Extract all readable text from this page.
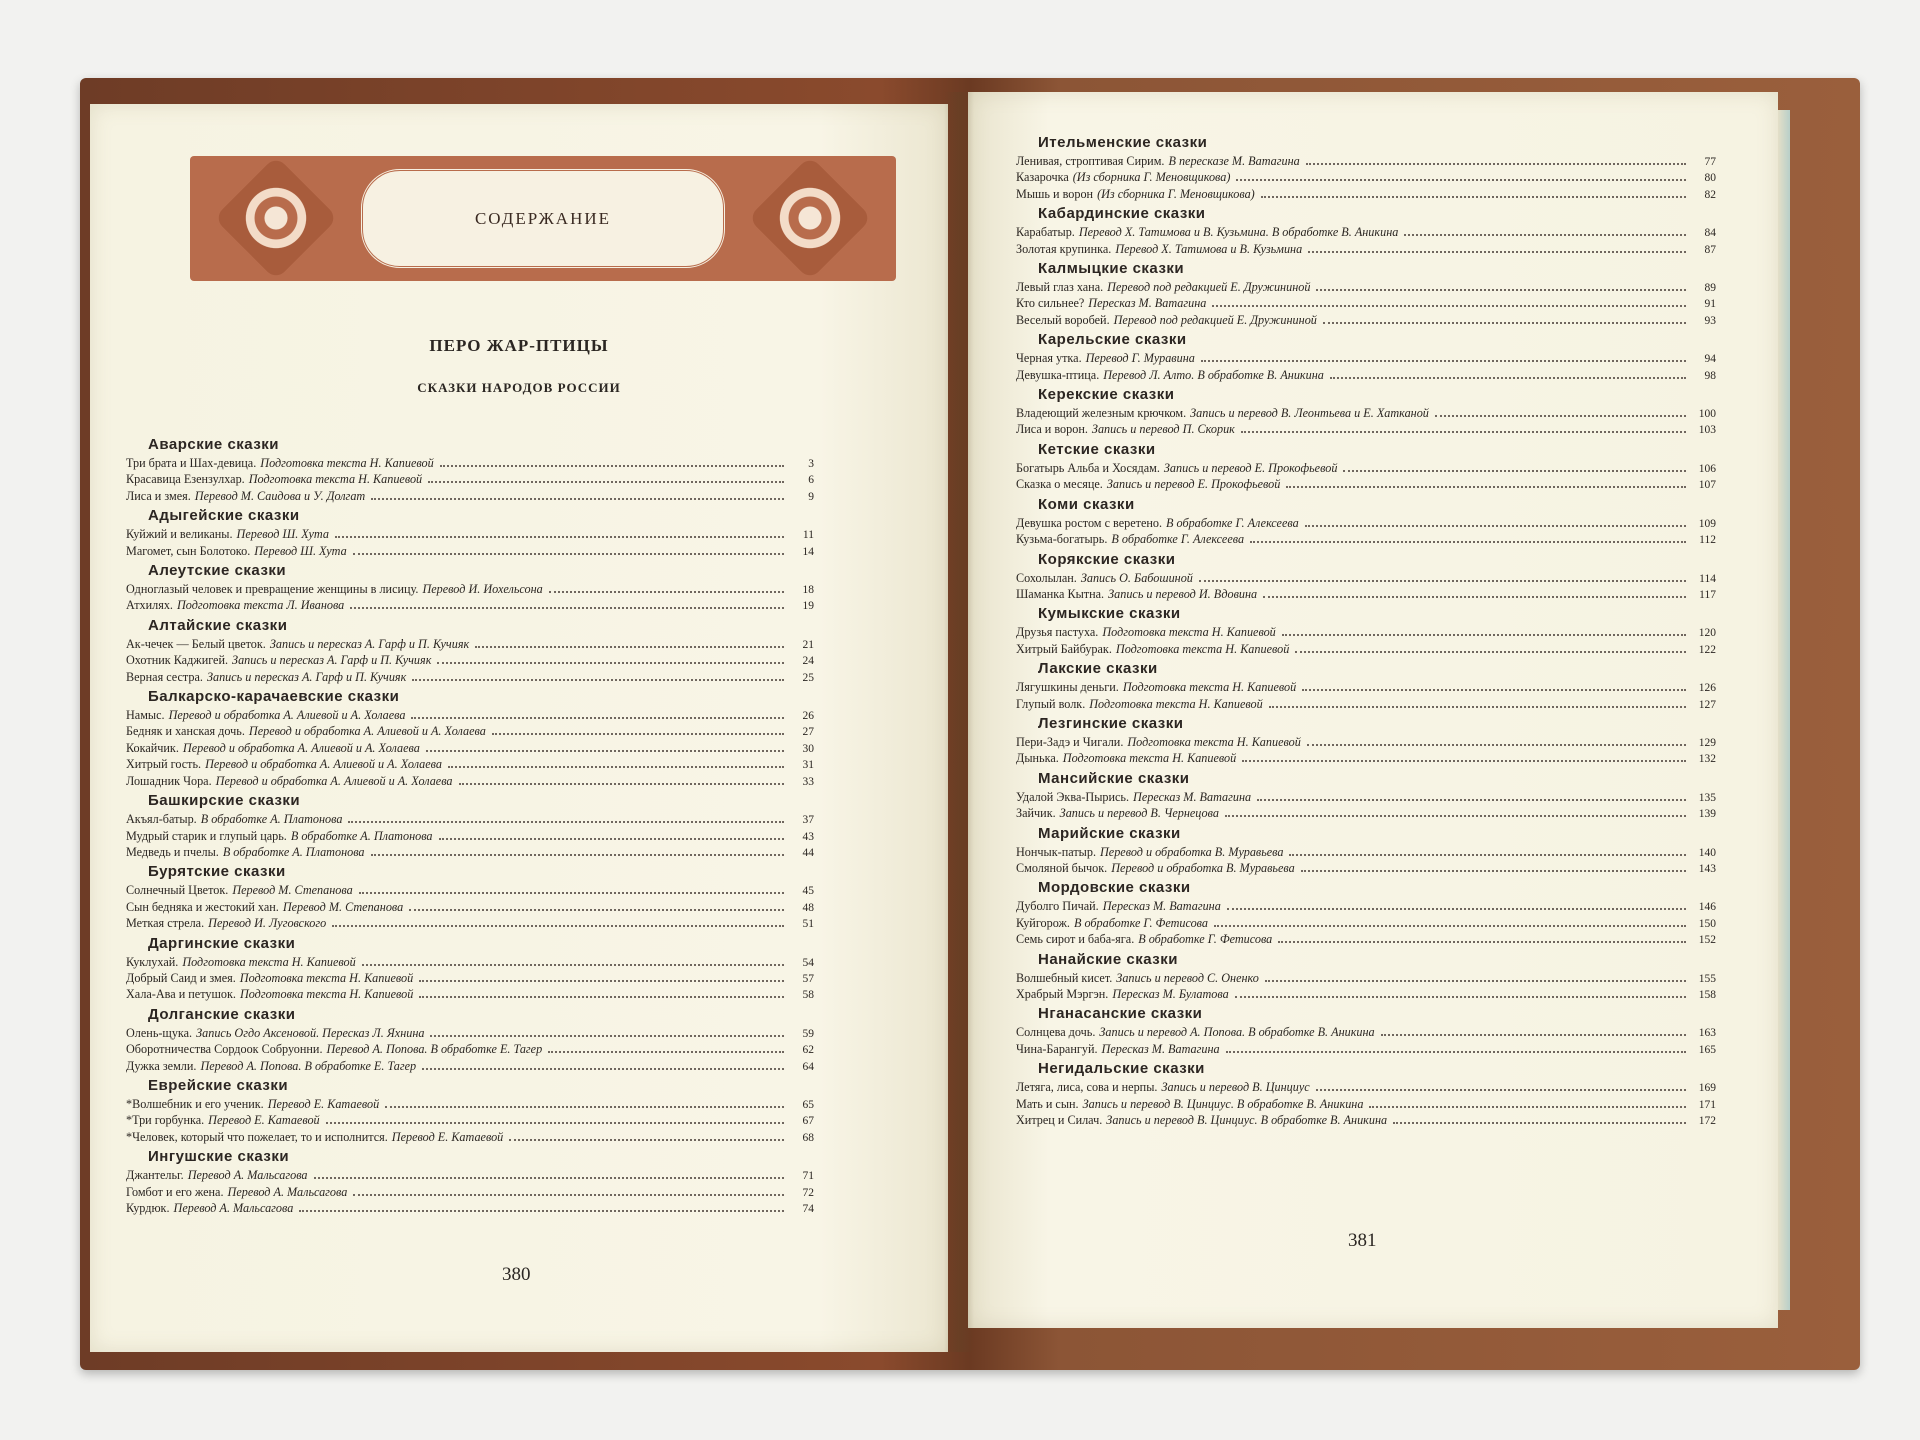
СОДЕРЖАНИЕ
ПЕРО ЖАР-ПТИЦЫ
СКАЗКИ НАРОДОВ РОССИИ
Аварские сказки
Три брата и Шах-девица. Подготовка текста Н. Капиевой	3
Красавица Езензулхар. Подготовка текста Н. Капиевой	6
Лиса и змея. Перевод М. Саидова и У. Долгат	9
Адыгейские сказки
Куйжий и великаны. Перевод Ш. Хута	11
Магомет, сын Болотоко. Перевод Ш. Хута	14
Алеутские сказки
Одноглазый человек и превращение женщины в лисицу. Перевод И. Иохельсона	18
Атхилях. Подготовка текста Л. Иванова	19
Алтайские сказки
Ак-чечек — Белый цветок. Запись и пересказ А. Гарф и П. Кучияк	21
Охотник Каджигей. Запись и пересказ А. Гарф и П. Кучияк	24
Верная сестра. Запись и пересказ А. Гарф и П. Кучияк	25
Балкарско-карачаевские сказки
Намыс. Перевод и обработка А. Алиевой и А. Холаева	26
Бедняк и ханская дочь. Перевод и обработка А. Алиевой и А. Холаева	27
Кокайчик. Перевод и обработка А. Алиевой и А. Холаева	30
Хитрый гость. Перевод и обработка А. Алиевой и А. Холаева	31
Лошадник Чора. Перевод и обработка А. Алиевой и А. Холаева	33
Башкирские сказки
Акъял-батыр. В обработке А. Платонова	37
Мудрый старик и глупый царь. В обработке А. Платонова	43
Медведь и пчелы. В обработке А. Платонова	44
Бурятские сказки
Солнечный Цветок. Перевод М. Степанова	45
Сын бедняка и жестокий хан. Перевод М. Степанова	48
Меткая стрела. Перевод И. Луговского	51
Даргинские сказки
Куклухай. Подготовка текста Н. Капиевой	54
Добрый Саид и змея. Подготовка текста Н. Капиевой	57
Хала-Ава и петушок. Подготовка текста Н. Капиевой	58
Долганские сказки
Олень-щука. Запись Огдо Аксеновой. Пересказ Л. Яхнина	59
Оборотничества Сордоок Собруонни. Перевод А. Попова. В обработке Е. Тагер	62
Дужка земли. Перевод А. Попова. В обработке Е. Тагер	64
Еврейские сказки
*Волшебник и его ученик. Перевод Е. Катаевой	65
*Три горбунка. Перевод Е. Катаевой	67
*Человек, который что пожелает, то и исполнится. Перевод Е. Катаевой	68
Ингушские сказки
Джантельг. Перевод А. Мальсагова	71
Гомбот и его жена. Перевод А. Мальсагова	72
Курдюк. Перевод А. Мальсагова	74
380
Ительменские сказки
Ленивая, строптивая Сирим. В пересказе М. Ватагина	77
Казарочка (Из сборника Г. Меновщикова)	80
Мышь и ворон (Из сборника Г. Меновщикова)	82
Кабардинские сказки
Карабатыр. Перевод Х. Татимова и В. Кузьмина. В обработке В. Аникина	84
Золотая крупинка. Перевод Х. Татимова и В. Кузьмина	87
Калмыцкие сказки
Левый глаз хана. Перевод под редакцией Е. Дружининой	89
Кто сильнее? Пересказ М. Ватагина	91
Веселый воробей. Перевод под редакцией Е. Дружининой	93
Карельские сказки
Черная утка. Перевод Г. Муравина	94
Девушка-птица. Перевод Л. Алто. В обработке В. Аникина	98
Керекские сказки
Владеющий железным крючком. Запись и перевод В. Леонтьева и Е. Хатканой	100
Лиса и ворон. Запись и перевод П. Скорик	103
Кетские сказки
Богатырь Альба и Хосядам. Запись и перевод Е. Прокофьевой	106
Сказка о месяце. Запись и перевод Е. Прокофьевой	107
Коми сказки
Девушка ростом с веретено. В обработке Г. Алексеева	109
Кузьма-богатырь. В обработке Г. Алексеева	112
Корякские сказки
Сохолылан. Запись О. Бабошиной	114
Шаманка Кытна. Запись и перевод И. Вдовина	117
Кумыкские сказки
Друзья пастуха. Подготовка текста Н. Капиевой	120
Хитрый Байбурак. Подготовка текста Н. Капиевой	122
Лакские сказки
Лягушкины деньги. Подготовка текста Н. Капиевой	126
Глупый волк. Подготовка текста Н. Капиевой	127
Лезгинские сказки
Пери-Задэ и Чигали. Подготовка текста Н. Капиевой	129
Дынька. Подготовка текста Н. Капиевой	132
Мансийские сказки
Удалой Эква-Пырись. Пересказ М. Ватагина	135
Зайчик. Запись и перевод В. Чернецова	139
Марийские сказки
Нончык-патыр. Перевод и обработка В. Муравьева	140
Смоляной бычок. Перевод и обработка В. Муравьева	143
Мордовские сказки
Дуболго Пичай. Пересказ М. Ватагина	146
Куйгорож. В обработке Г. Фетисова	150
Семь сирот и баба-яга. В обработке Г. Фетисова	152
Нанайские сказки
Волшебный кисет. Запись и перевод С. Оненко	155
Храбрый Мэргэн. Пересказ М. Булатова	158
Нганасанские сказки
Солнцева дочь. Запись и перевод А. Попова. В обработке В. Аникина	163
Чина-Барангуй. Пересказ М. Ватагина	165
Негидальские сказки
Летяга, лиса, сова и нерпы. Запись и перевод В. Цинциус	169
Мать и сын. Запись и перевод В. Цинциус. В обработке В. Аникина	171
Хитрец и Силач. Запись и перевод В. Цинциус. В обработке В. Аникина	172
381
